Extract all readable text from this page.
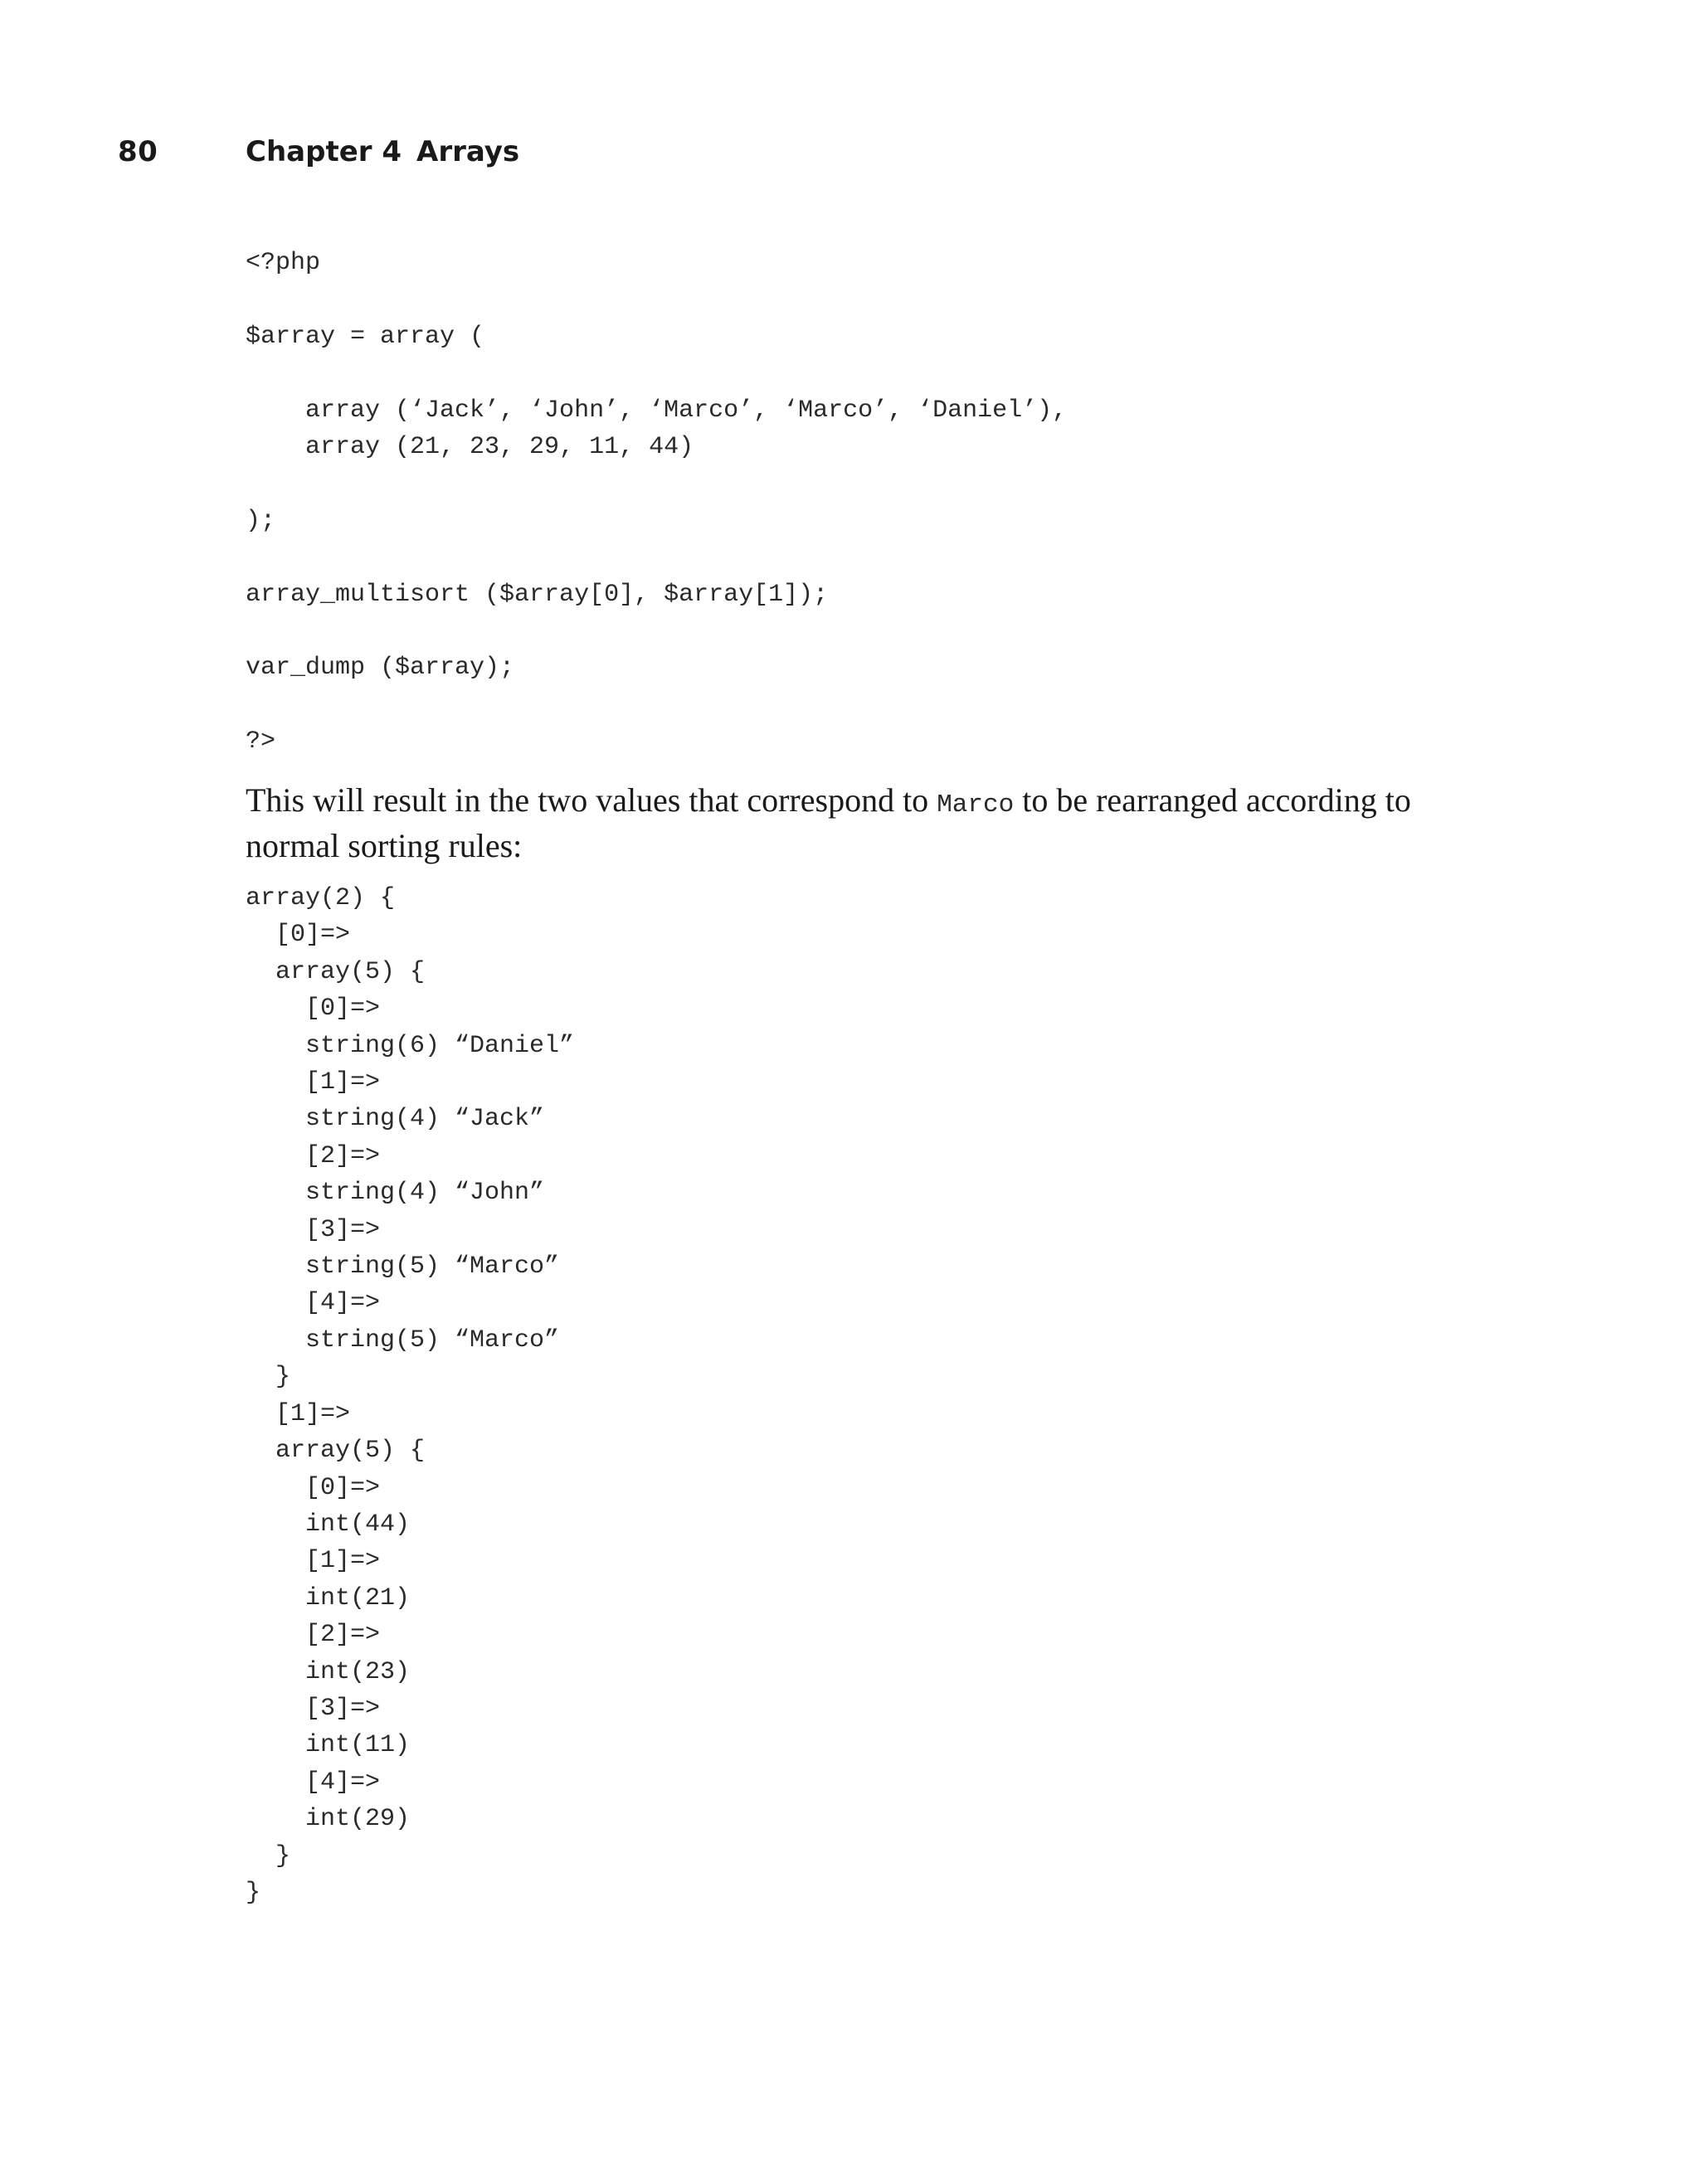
80	Chapter 4 Arrays
<?php

$array = array (

array (‘Jack’, ‘John’, ‘Marco’, ‘Marco’, ‘Daniel’),
array (21, 23, 29, 11, 44)

);

array_multisort ($array[0], $array[1]);

var_dump ($array);

?>

This will result in the two values that correspond to Marco to be rearranged according to normal sorting rules:

array(2) {
[0]=>
array(5) {
[0]=>
string(6) “Daniel”
[1]=>
string(4) “Jack”
[2]=>
string(4) “John”
[3]=>
string(5) “Marco”
[4]=>
string(5) “Marco”
}
[1]=>
array(5) {
[0]=>
int(44)
[1]=>
int(21)
[2]=>
int(23)
[3]=>
int(11)
[4]=>
int(29)
}
}
